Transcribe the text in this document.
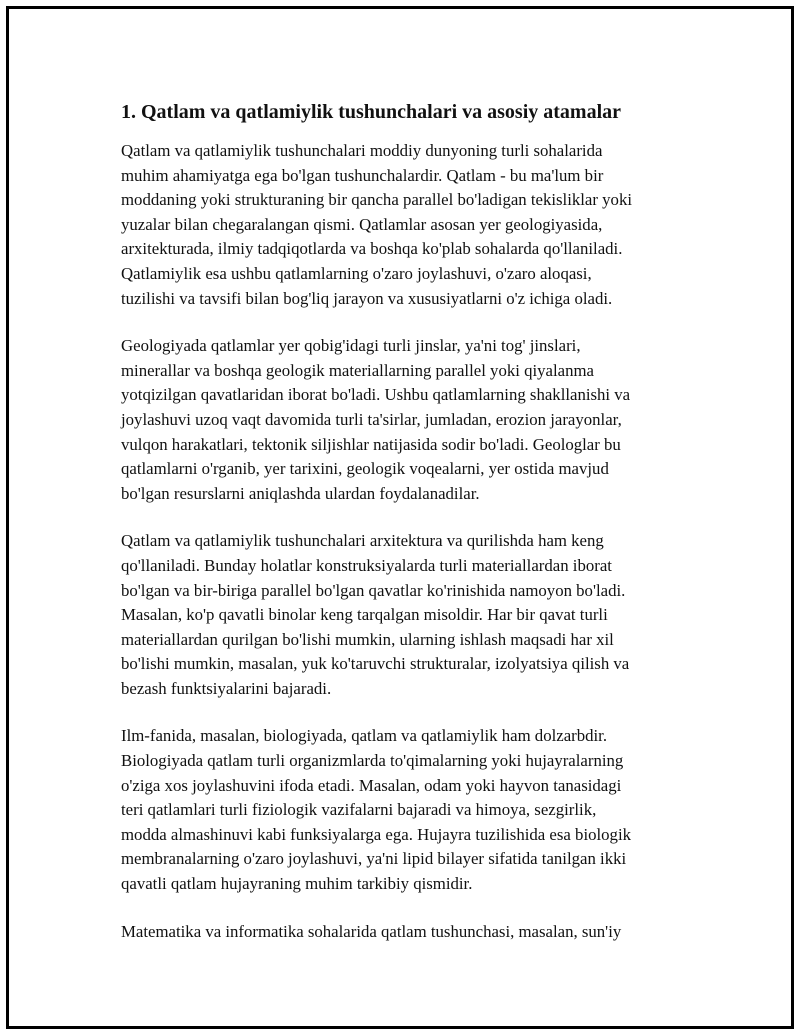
1. Qatlam va qatlamiylik tushunchalari va asosiy atamalar

Qatlam va qatlamiylik tushunchalari moddiy dunyoning turli sohalarida
muhim ahamiyatga ega bo'lgan tushunchalardir. Qatlam - bu ma'lum bir
moddaning yoki strukturaning bir qancha parallel bo'ladigan tekisliklar yoki
yuzalar bilan chegaralangan qismi. Qatlamlar asosan yer geologiyasida,
arxitekturada, ilmiy tadqiqotlarda va boshqa ko'plab sohalarda qo'llaniladi.
Qatlamiylik esa ushbu qatlamlarning o'zaro joylashuvi, o'zaro aloqasi,
tuzilishi va tavsifi bilan bog'liq jarayon va xususiyatlarni o'z ichiga oladi.

Geologiyada qatlamlar yer qobig'idagi turli jinslar, ya'ni tog' jinslari,
minerallar va boshqa geologik materiallarning parallel yoki qiyalanma
yotqizilgan qavatlaridan iborat bo'ladi. Ushbu qatlamlarning shakllanishi va
joylashuvi uzoq vaqt davomida turli ta'sirlar, jumladan, erozion jarayonlar,
vulqon harakatlari, tektonik siljishlar natijasida sodir bo'ladi. Geologlar bu
qatlamlarni o'rganib, yer tarixini, geologik voqealarni, yer ostida mavjud
bo'lgan resurslarni aniqlashda ulardan foydalanadilar.

Qatlam va qatlamiylik tushunchalari arxitektura va qurilishda ham keng
qo'llaniladi. Bunday holatlar konstruksiyalarda turli materiallardan iborat
bo'lgan va bir-biriga parallel bo'lgan qavatlar ko'rinishida namoyon bo'ladi.
Masalan, ko'p qavatli binolar keng tarqalgan misoldir. Har bir qavat turli
materiallardan qurilgan bo'lishi mumkin, ularning ishlash maqsadi har xil
bo'lishi mumkin, masalan, yuk ko'taruvchi strukturalar, izolyatsiya qilish va
bezash funktsiyalarini bajaradi.

Ilm-fanida, masalan, biologiyada, qatlam va qatlamiylik ham dolzarbdir.
Biologiyada qatlam turli organizmlarda to'qimalarning yoki hujayralarning
o'ziga xos joylashuvini ifoda etadi. Masalan, odam yoki hayvon tanasidagi
teri qatlamlari turli fiziologik vazifalarni bajaradi va himoya, sezgirlik,
modda almashinuvi kabi funksiyalarga ega. Hujayra tuzilishida esa biologik
membranalarning o'zaro joylashuvi, ya'ni lipid bilayer sifatida tanilgan ikki
qavatli qatlam hujayraning muhim tarkibiy qismidir.

Matematika va informatika sohalarida qatlam tushunchasi, masalan, sun'iy
